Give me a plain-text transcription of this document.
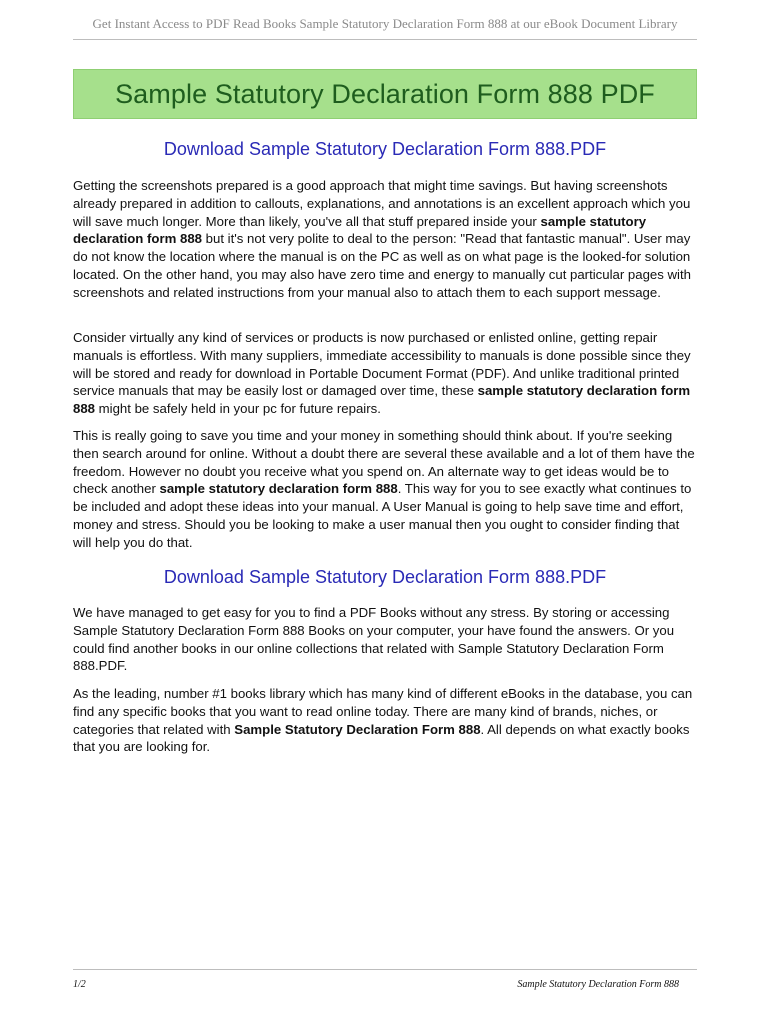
Get Instant Access to PDF Read Books Sample Statutory Declaration Form 888 at our eBook Document Library
Sample Statutory Declaration Form 888 PDF
Download Sample Statutory Declaration Form 888.PDF

Getting the screenshots prepared is a good approach that might time savings. But having screenshots already prepared in addition to callouts, explanations, and annotations is an excellent approach which you will save much longer. More than likely, you've all that stuff prepared inside your sample statutory declaration form 888 but it's not very polite to deal to the person: "Read that fantastic manual". User may do not know the location where the manual is on the PC as well as on what page is the looked-for solution located. On the other hand, you may also have zero time and energy to manually cut particular pages with screenshots and related instructions from your manual also to attach them to each support message.

Consider virtually any kind of services or products is now purchased or enlisted online, getting repair manuals is effortless. With many suppliers, immediate accessibility to manuals is done possible since they will be stored and ready for download in Portable Document Format (PDF). And unlike traditional printed service manuals that may be easily lost or damaged over time, these sample statutory declaration form 888 might be safely held in your pc for future repairs.

This is really going to save you time and your money in something should think about. If you're seeking then search around for online. Without a doubt there are several these available and a lot of them have the freedom. However no doubt you receive what you spend on. An alternate way to get ideas would be to check another sample statutory declaration form 888. This way for you to see exactly what continues to be included and adopt these ideas into your manual. A User Manual is going to help save time and effort, money and stress. Should you be looking to make a user manual then you ought to consider finding that will help you do that.

Download Sample Statutory Declaration Form 888.PDF

We have managed to get easy for you to find a PDF Books without any stress. By storing or accessing Sample Statutory Declaration Form 888 Books on your computer, your have found the answers. Or you could find another books in our online collections that related with Sample Statutory Declaration Form 888.PDF.

As the leading, number #1 books library which has many kind of different eBooks in the database, you can find any specific books that you want to read online today. There are many kind of brands, niches, or categories that related with Sample Statutory Declaration Form 888. All depends on what exactly books that you are looking for.

1/2	Sample Statutory Declaration Form 888
